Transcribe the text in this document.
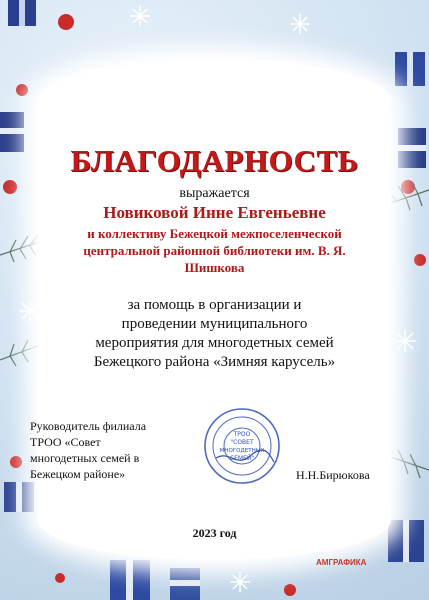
БЛАГОДАРНОСТЬ
выражается
Новиковой Инне Евгеньевне
и коллективу Бежецкой межпоселенческой
центральной районной библиотеки им. В. Я.
Шишкова
за помощь в организации и
проведении муниципального
мероприятия для многодетных семей
Бежецкого района «Зимняя карусель»
Руководитель филиала
ТРОО «Совет
многодетных семей в
Бежецком районе»
ТРОО
"СОВЕТ
МНОГОДЕТНЫХ
СЕМЕЙ"
Н.Н.Бирюкова
2023 год
АМГРАФИКА
